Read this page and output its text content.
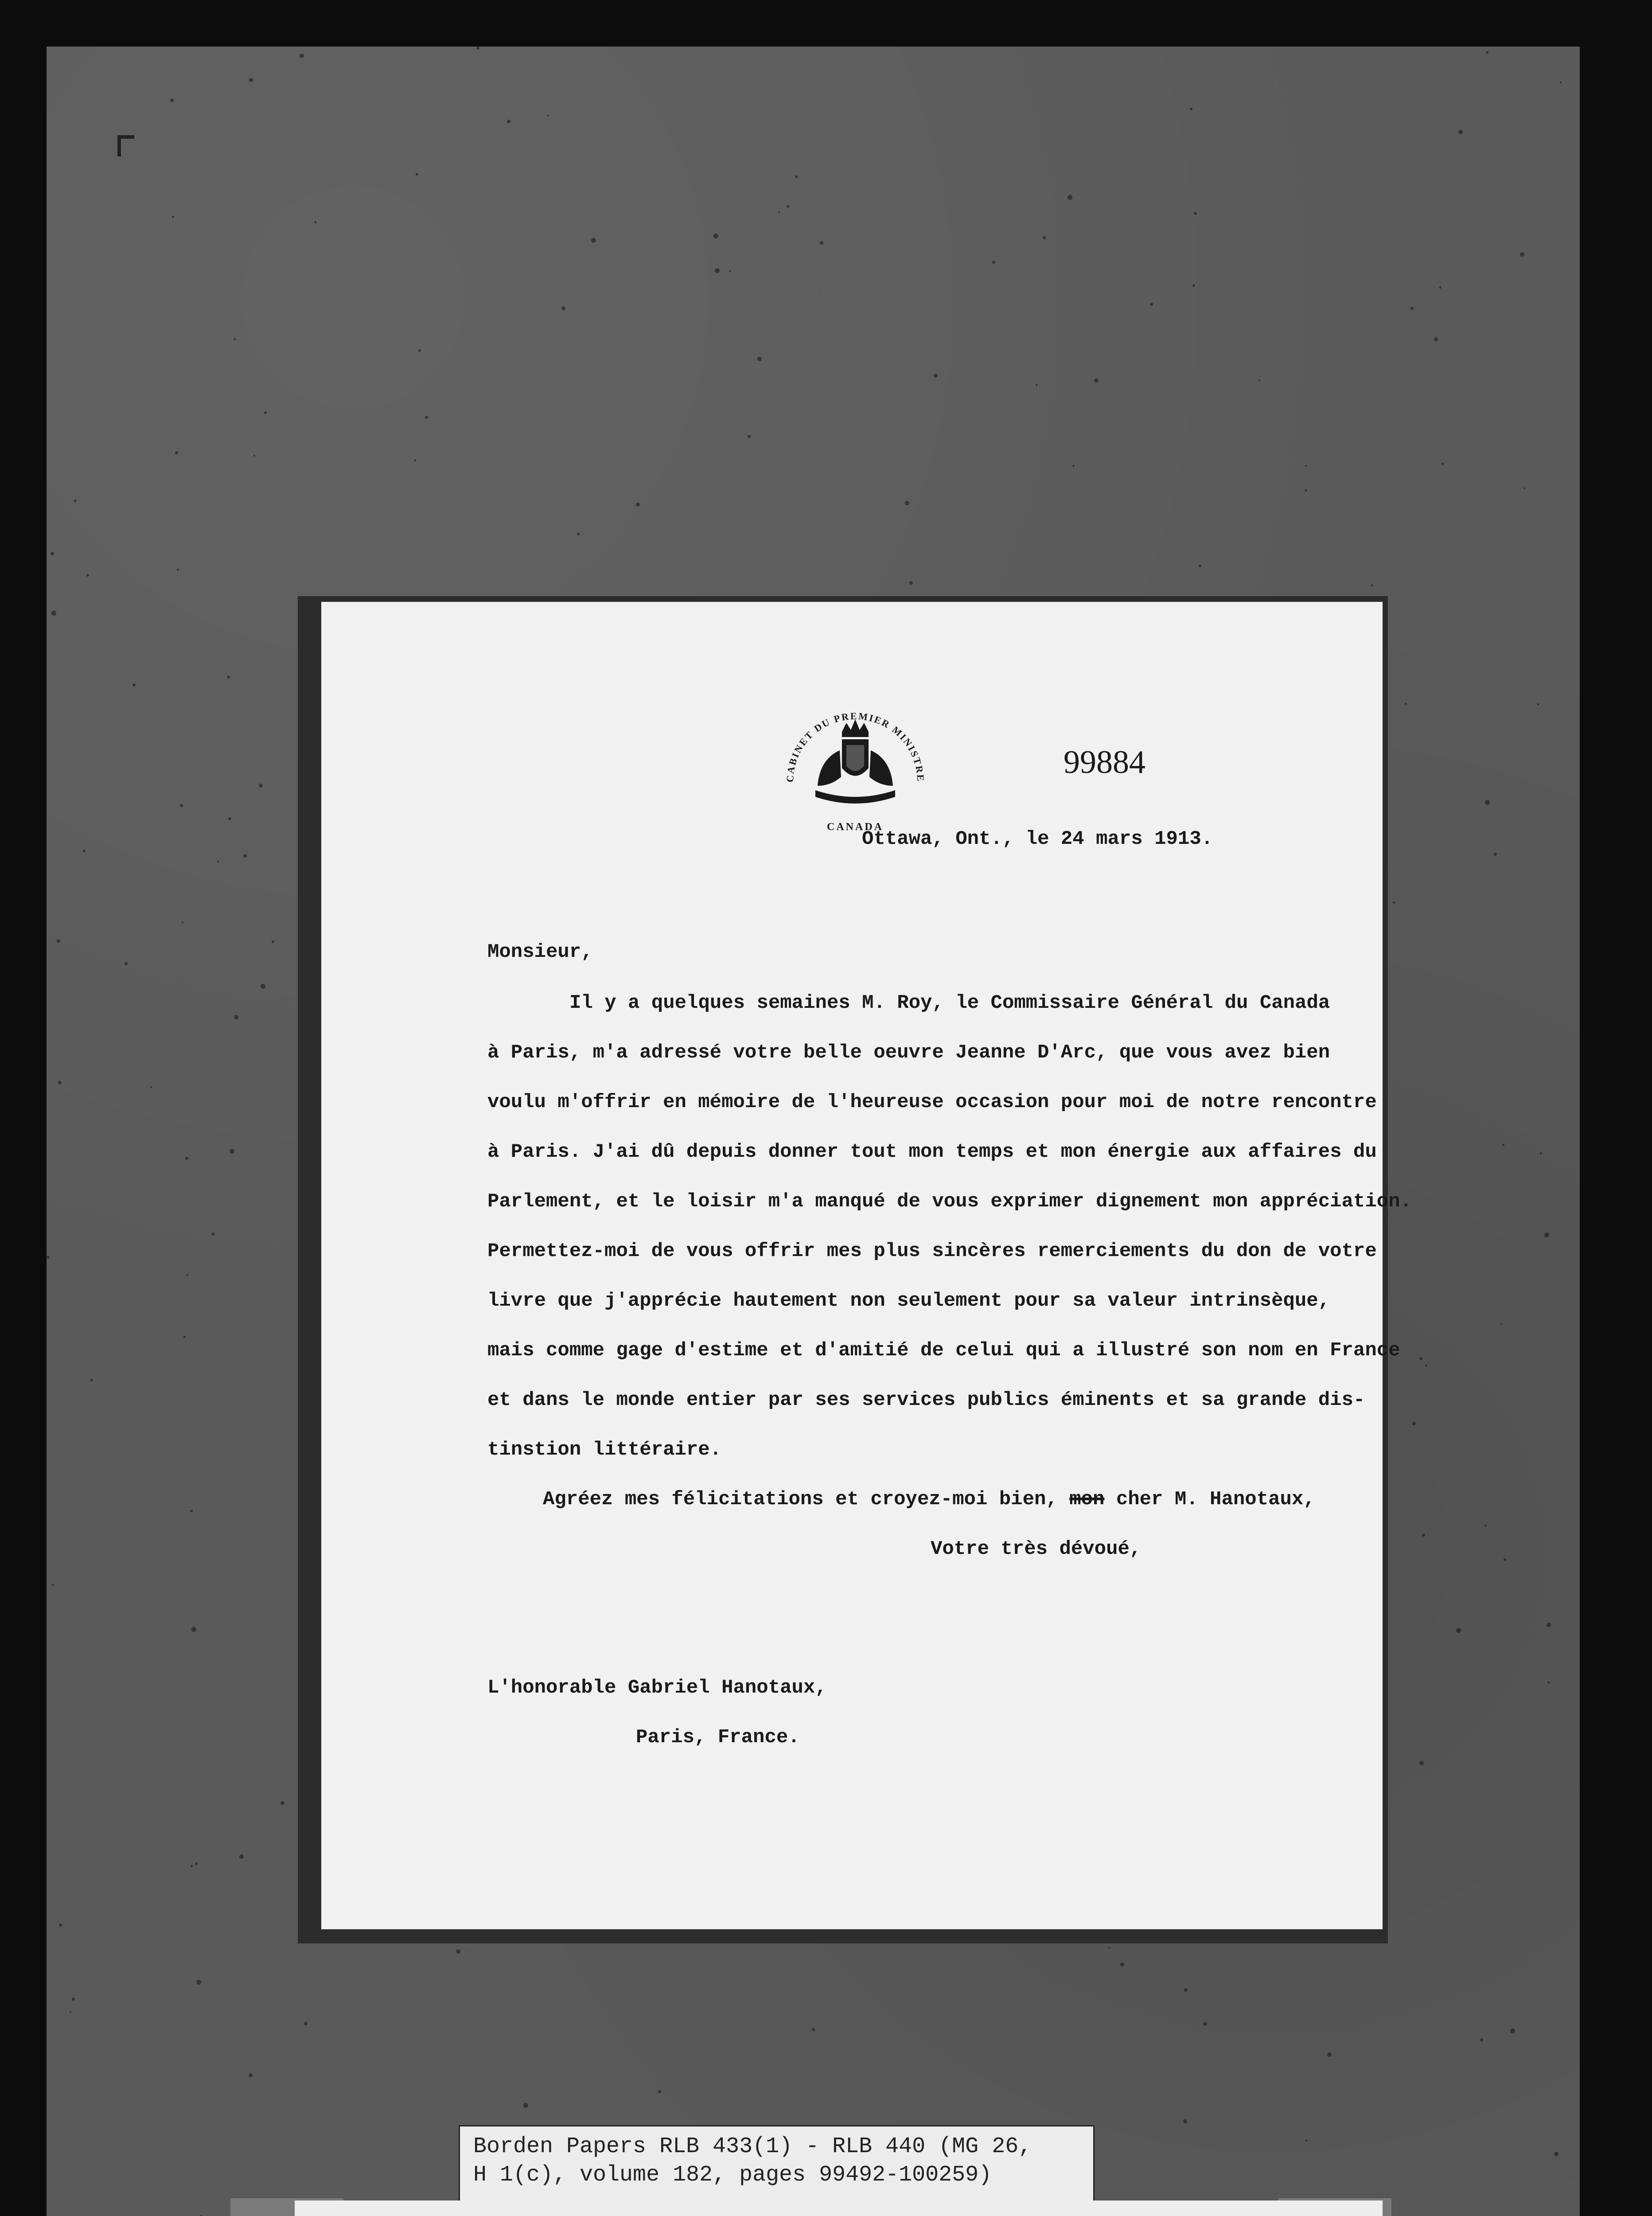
CABINET DU PREMIER MINISTRE
CANADA
99884
Ottawa, Ont., le 24 mars 1913.
Monsieur,
Il y a quelques semaines M. Roy, le Commissaire Général du Canada
à Paris, m'a adressé votre belle oeuvre Jeanne D'Arc, que vous avez bien
voulu m'offrir en mémoire de l'heureuse occasion pour moi de notre rencontre
à Paris. J'ai dû depuis donner tout mon temps et mon énergie aux affaires du
Parlement, et le loisir m'a manqué de vous exprimer dignement mon appréciation.
Permettez-moi de vous offrir mes plus sincères remerciements du don de votre
livre que j'apprécie hautement non seulement pour sa valeur intrinsèque,
mais comme gage d'estime et d'amitié de celui qui a illustré son nom en France
et dans le monde entier par ses services publics éminents et sa grande dis-
tinstion littéraire.
Agréez mes félicitations et croyez-moi bien, mon cher M. Hanotaux,
Votre très dévoué,
L'honorable Gabriel Hanotaux,
Paris, France.
Borden Papers RLB 433(1) - RLB 440 (MG 26,
H 1(c), volume 182, pages 99492-100259)
